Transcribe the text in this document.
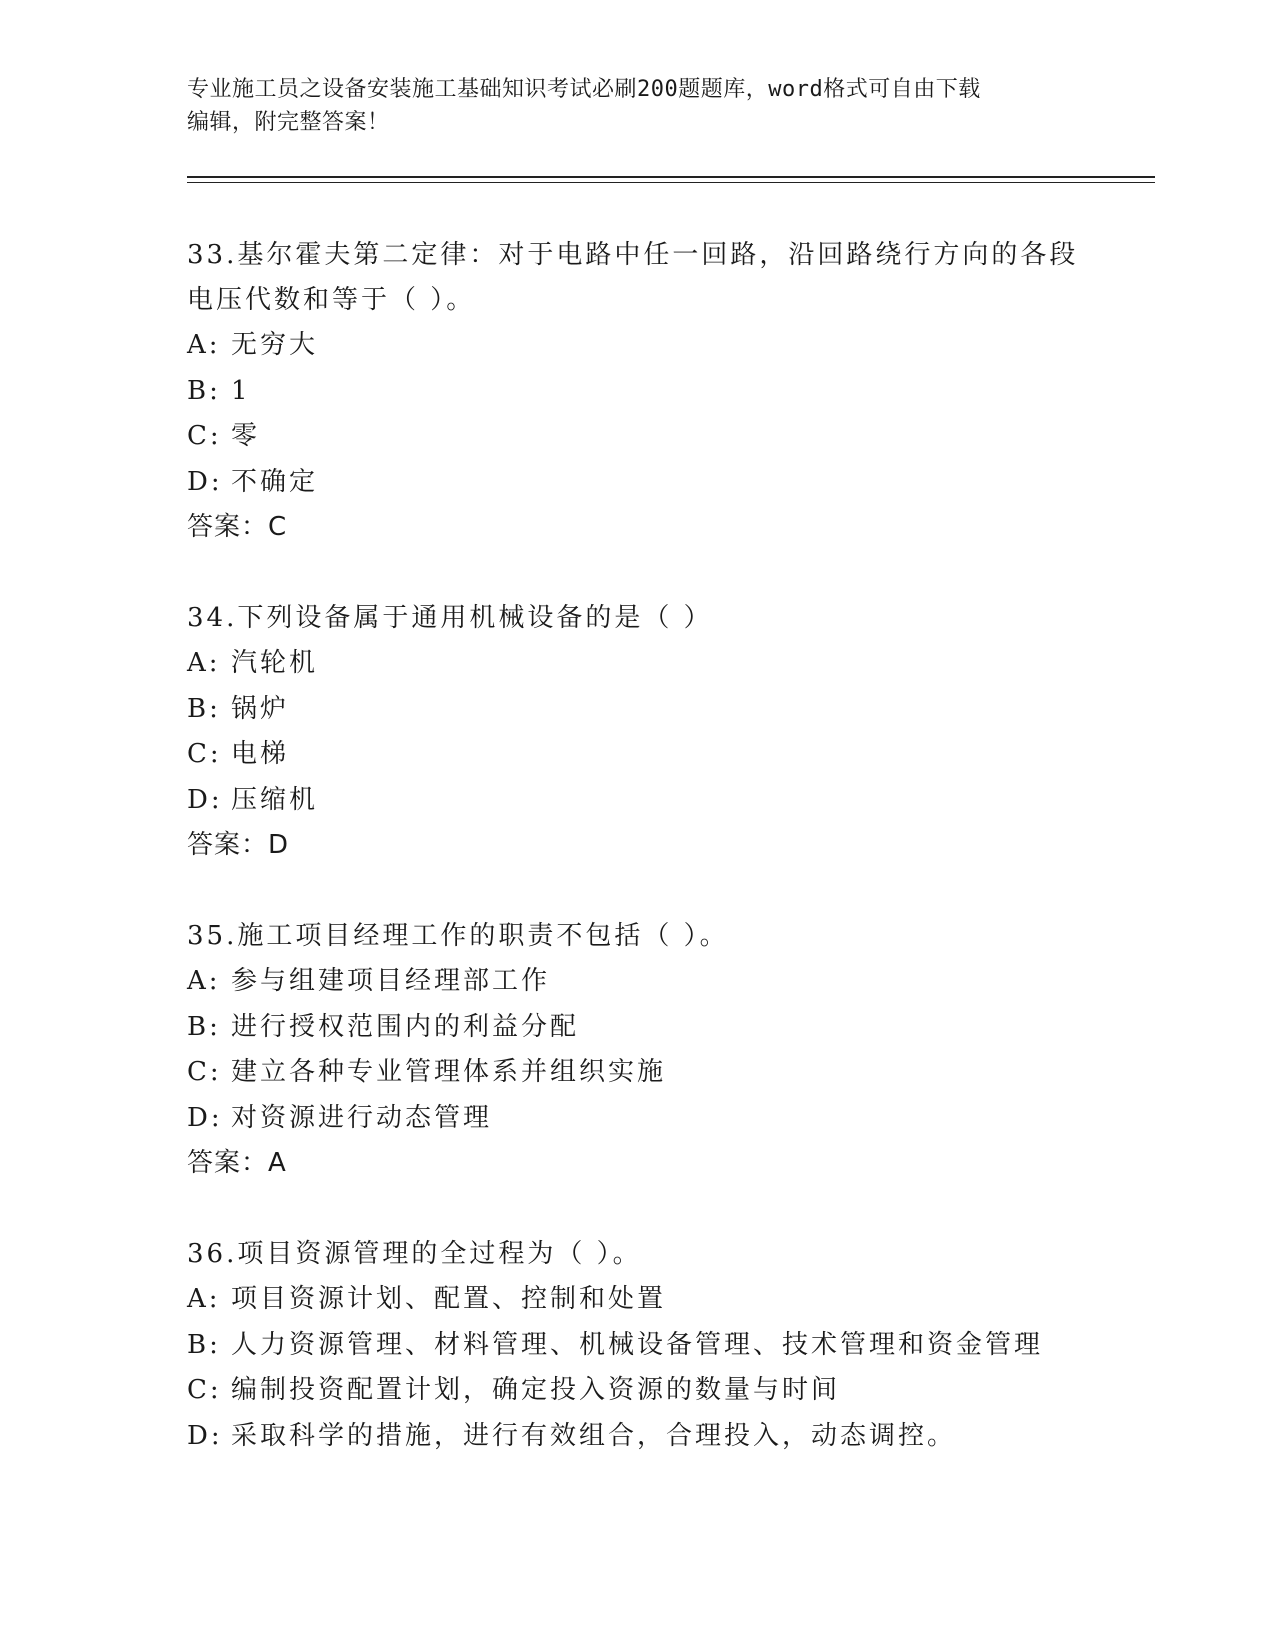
专业施工员之设备安装施工基础知识考试必刷200题题库，word格式可自由下载
编辑，附完整答案！

33.基尔霍夫第二定律：对于电路中任一回路，沿回路绕行方向的各段

电压代数和等于（ ）。

A: 无穷大

B: 1

C: 零

D: 不确定

答案：C

34.下列设备属于通用机械设备的是（ ）

A: 汽轮机

B: 锅炉

C: 电梯

D: 压缩机

答案：D

35.施工项目经理工作的职责不包括（ ）。

A: 参与组建项目经理部工作

B: 进行授权范围内的利益分配

C: 建立各种专业管理体系并组织实施

D: 对资源进行动态管理

答案：A

36.项目资源管理的全过程为（ ）。

A: 项目资源计划、配置、控制和处置

B: 人力资源管理、材料管理、机械设备管理、技术管理和资金管理

C: 编制投资配置计划，确定投入资源的数量与时间

D: 采取科学的措施，进行有效组合，合理投入，动态调控。
